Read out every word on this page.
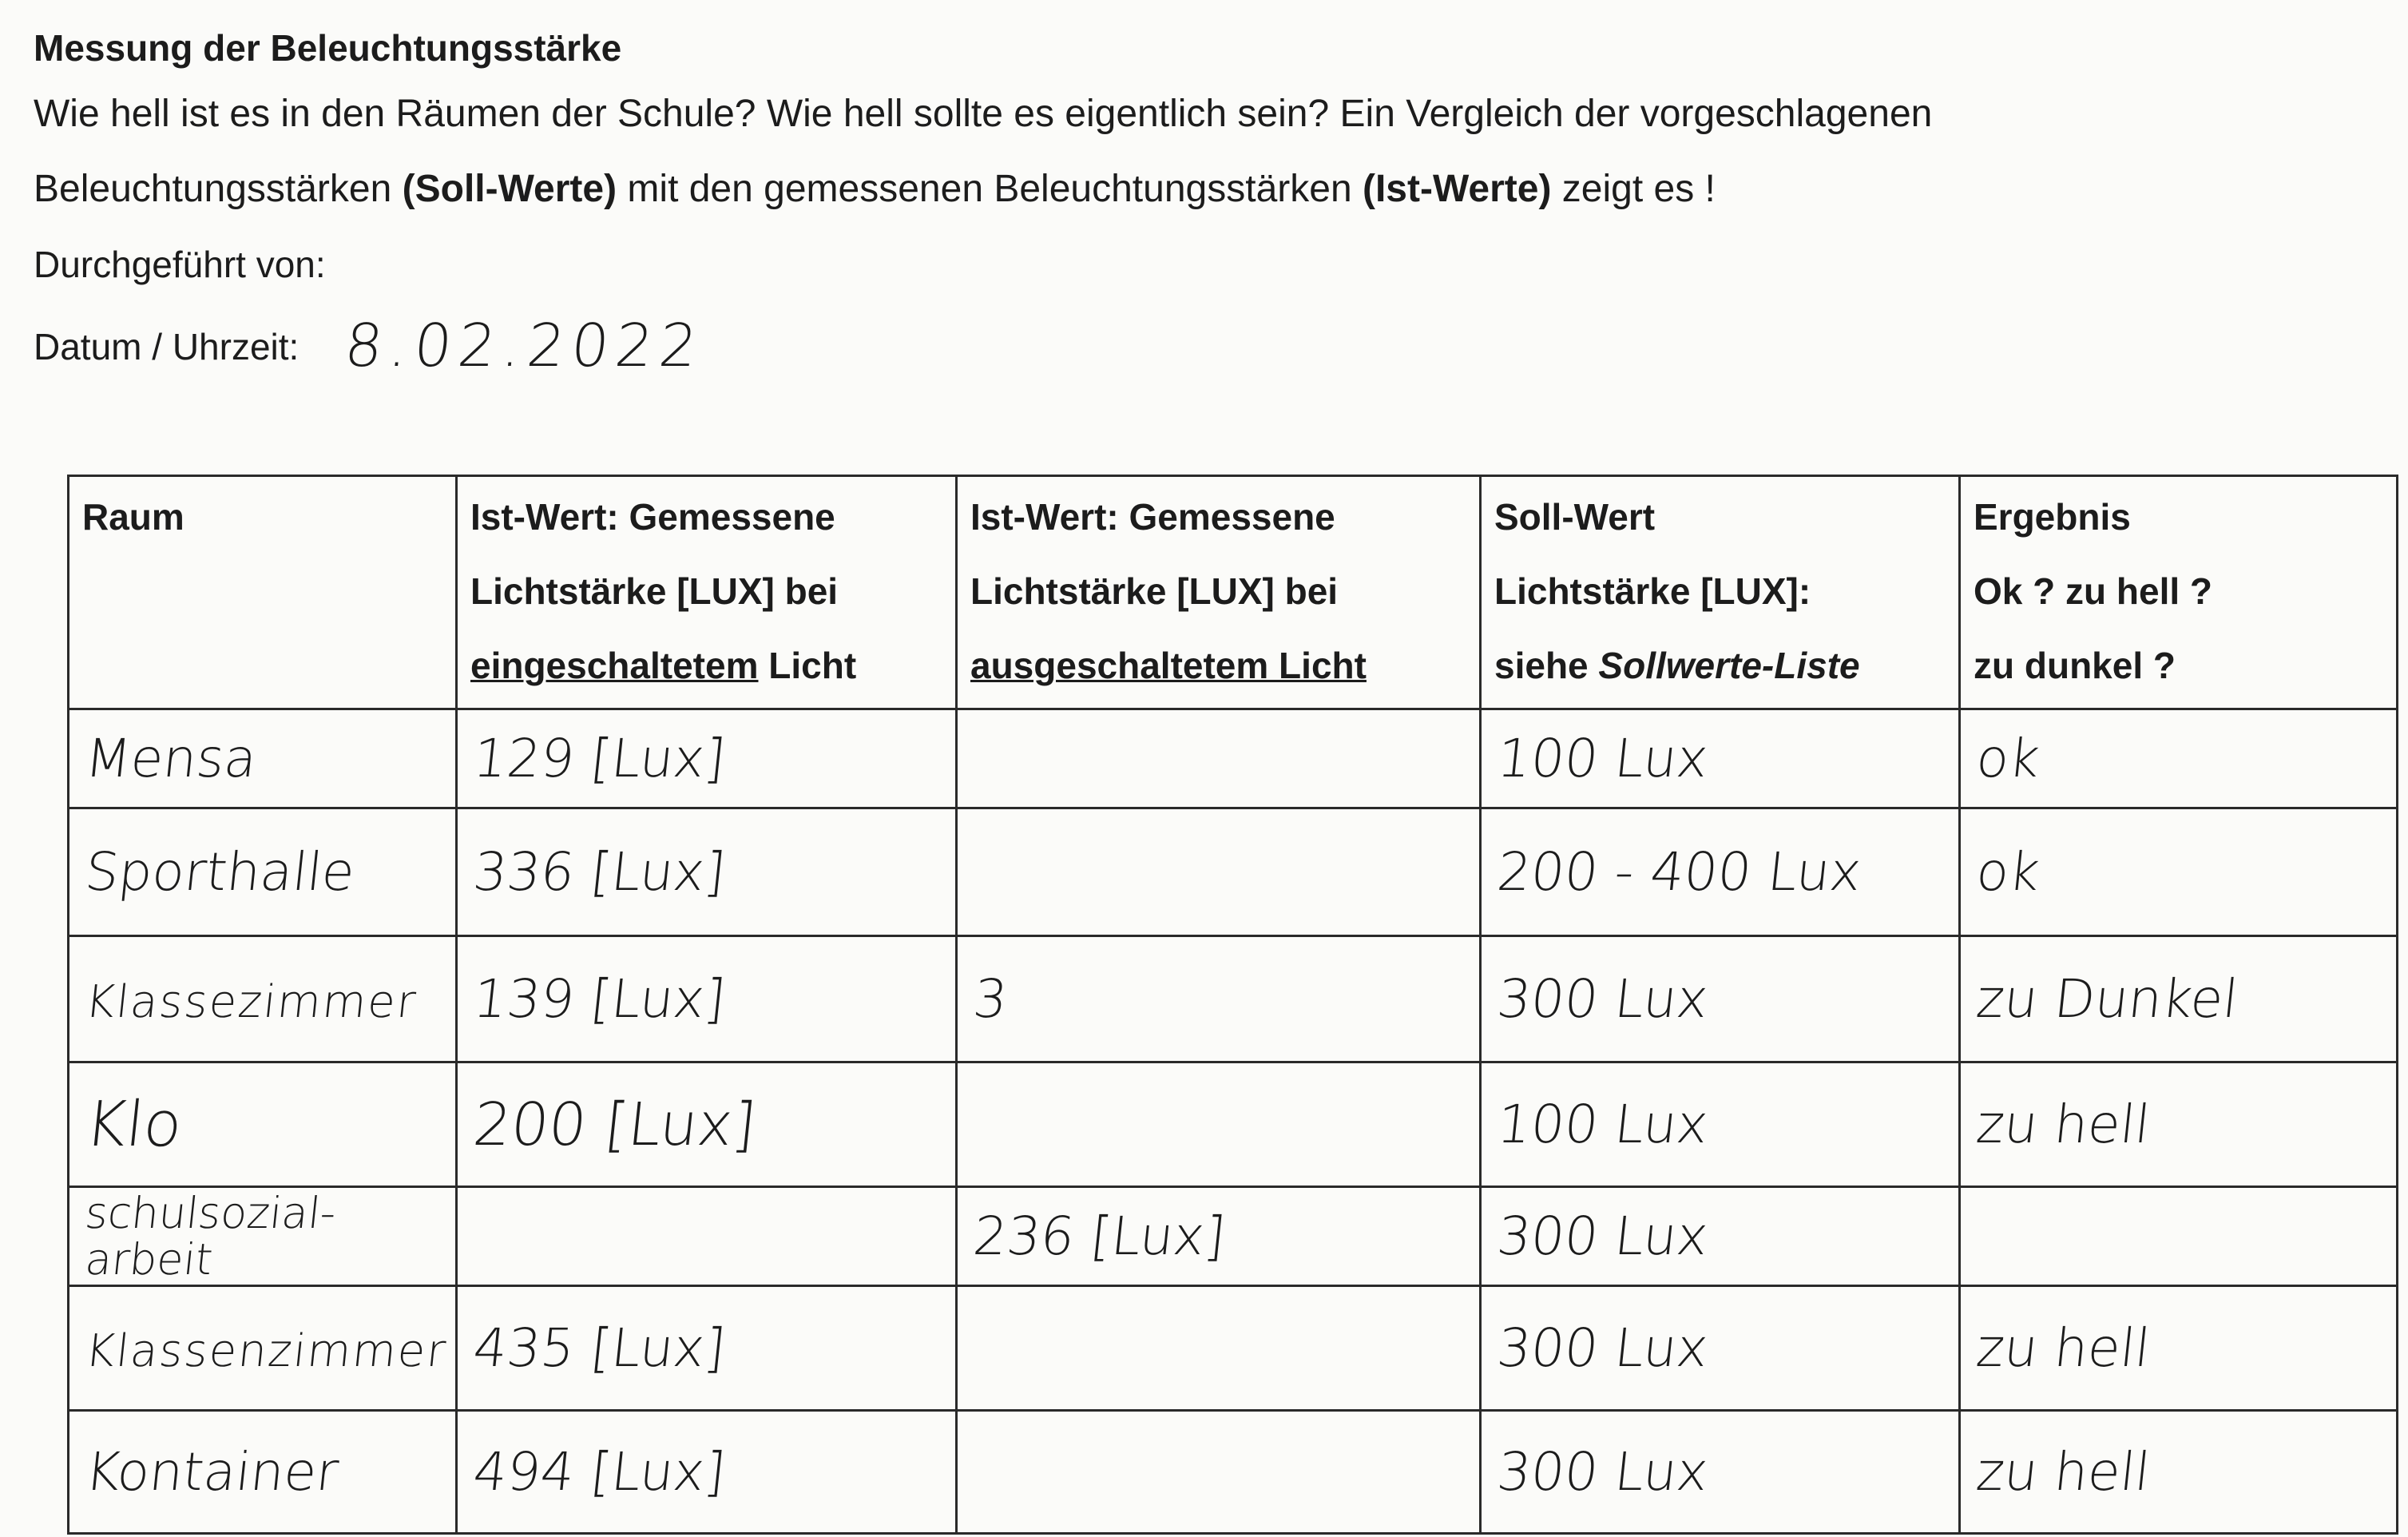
Messung der Beleuchtungsstärke

Wie hell ist es in den Räumen der Schule? Wie hell sollte es eigentlich sein? Ein Vergleich der vorgeschlagenen

Beleuchtungsstärken (Soll-Werte) mit den gemessenen Beleuchtungsstärken (Ist-Werte) zeigt es !

Durchgeführt von:

Datum / Uhrzeit: 8.02.2022

Raum	Ist-Wert: Gemessene
Lichtstärke [LUX] bei
eingeschaltetem Licht	Ist-Wert: Gemessene
Lichtstärke [LUX] bei
ausgeschaltetem Licht	Soll-Wert
Lichtstärke [LUX]:
siehe Sollwerte-Liste	Ergebnis
Ok ? zu hell ?
zu dunkel ?
Mensa	129 [Lux]		100 Lux	ok
Sporthalle	336 [Lux]		200 - 400 Lux	ok
Klassezimmer	139 [Lux]	3	300 Lux	zu Dunkel
Klo	200 [Lux]		100 Lux	zu hell
schulsozial-
arbeit		236 [Lux]	300 Lux	
Klassenzimmer	435 [Lux]		300 Lux	zu hell
Kontainer	494 [Lux]		300 Lux	zu hell
